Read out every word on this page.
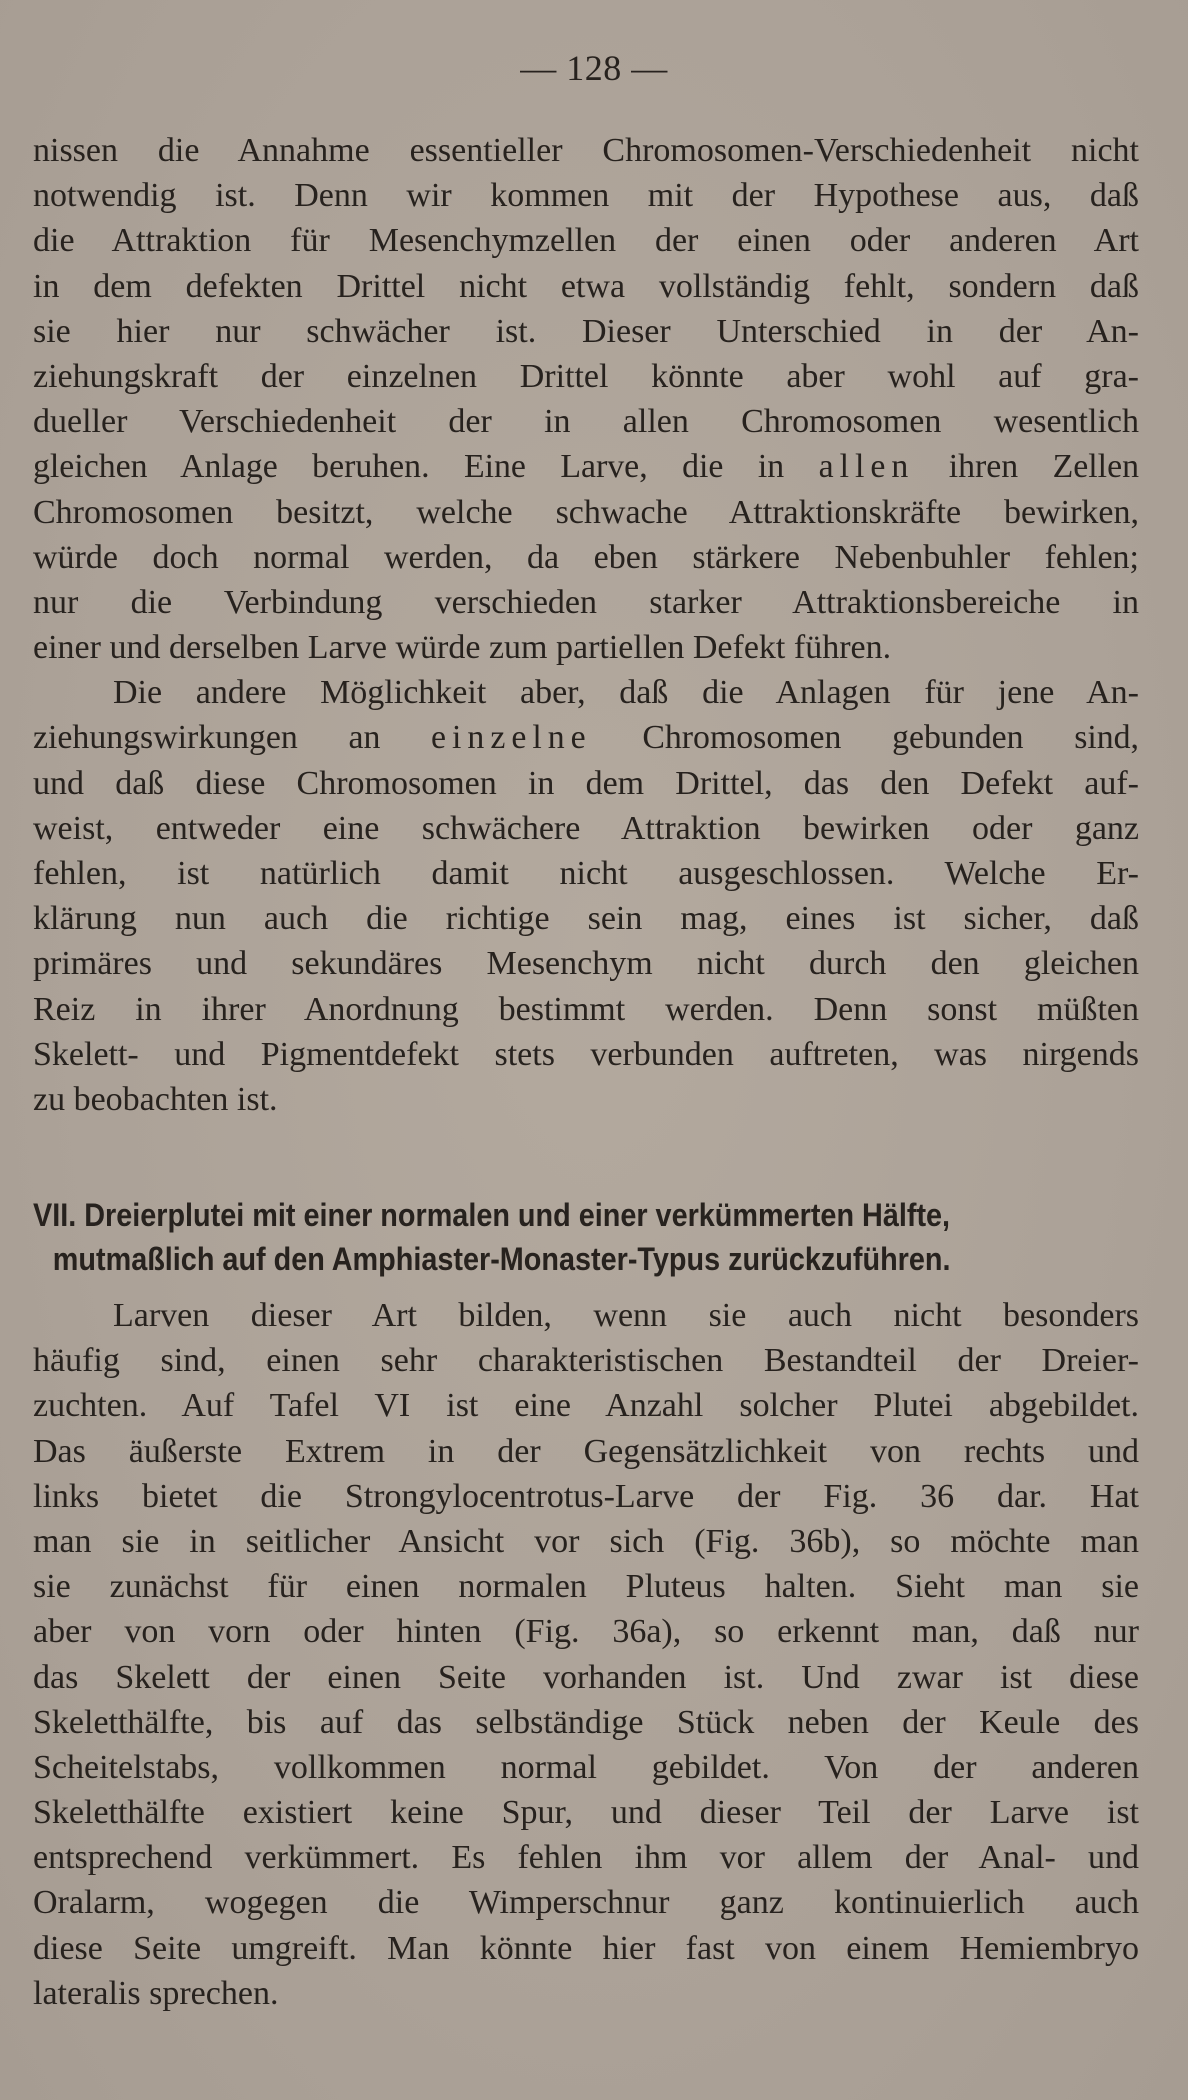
— 128 —
nissen die Annahme essentieller Chromosomen-Verschiedenheit nicht
notwendig ist. Denn wir kommen mit der Hypothese aus, daß
die Attraktion für Mesenchymzellen der einen oder anderen Art
in dem defekten Drittel nicht etwa vollständig fehlt, sondern daß
sie hier nur schwächer ist. Dieser Unterschied in der An-
ziehungskraft der einzelnen Drittel könnte aber wohl auf gra-
dueller Verschiedenheit der in allen Chromosomen wesentlich
gleichen Anlage beruhen. Eine Larve, die in allen ihren Zellen
Chromosomen besitzt, welche schwache Attraktionskräfte bewirken,
würde doch normal werden, da eben stärkere Nebenbuhler fehlen;
nur die Verbindung verschieden starker Attraktionsbereiche in
einer und derselben Larve würde zum partiellen Defekt führen.
Die andere Möglichkeit aber, daß die Anlagen für jene An-
ziehungswirkungen an einzelne Chromosomen gebunden sind,
und daß diese Chromosomen in dem Drittel, das den Defekt auf-
weist, entweder eine schwächere Attraktion bewirken oder ganz
fehlen, ist natürlich damit nicht ausgeschlossen. Welche Er-
klärung nun auch die richtige sein mag, eines ist sicher, daß
primäres und sekundäres Mesenchym nicht durch den gleichen
Reiz in ihrer Anordnung bestimmt werden. Denn sonst müßten
Skelett- und Pigmentdefekt stets verbunden auftreten, was nirgends
zu beobachten ist.
VII. Dreierplutei mit einer normalen und einer verkümmerten Hälfte,
mutmaßlich auf den Amphiaster-Monaster-Typus zurückzuführen.
Larven dieser Art bilden, wenn sie auch nicht besonders
häufig sind, einen sehr charakteristischen Bestandteil der Dreier-
zuchten. Auf Tafel VI ist eine Anzahl solcher Plutei abgebildet.
Das äußerste Extrem in der Gegensätzlichkeit von rechts und
links bietet die Strongylocentrotus-Larve der Fig. 36 dar. Hat
man sie in seitlicher Ansicht vor sich (Fig. 36b), so möchte man
sie zunächst für einen normalen Pluteus halten. Sieht man sie
aber von vorn oder hinten (Fig. 36a), so erkennt man, daß nur
das Skelett der einen Seite vorhanden ist. Und zwar ist diese
Skeletthälfte, bis auf das selbständige Stück neben der Keule des
Scheitelstabs, vollkommen normal gebildet. Von der anderen
Skeletthälfte existiert keine Spur, und dieser Teil der Larve ist
entsprechend verkümmert. Es fehlen ihm vor allem der Anal- und
Oralarm, wogegen die Wimperschnur ganz kontinuierlich auch
diese Seite umgreift. Man könnte hier fast von einem Hemiembryo
lateralis sprechen.
